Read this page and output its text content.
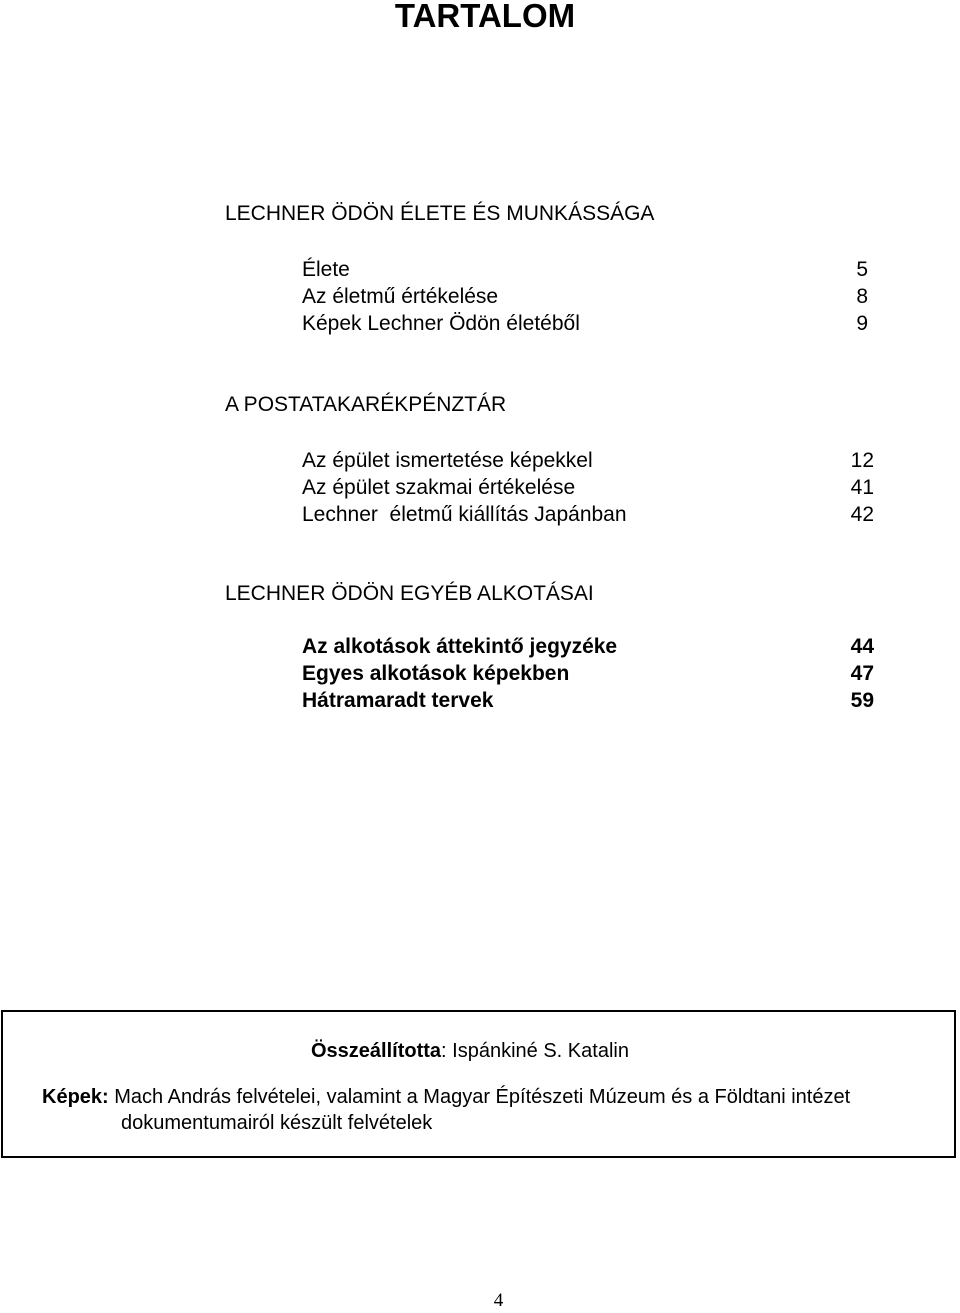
TARTALOM
LECHNER ÖDÖN ÉLETE ÉS MUNKÁSSÁGA
Élete	5
Az életmű értékelése	8
Képek Lechner Ödön életéből	9
A POSTATAKARÉKPÉNZTÁR
Az épület ismertetése képekkel	12
Az épület szakmai értékelése	41
Lechner  életmű kiállítás Japánban	42
LECHNER ÖDÖN EGYÉB ALKOTÁSAI
Az alkotások áttekintő jegyzéke	44
Egyes alkotások képekben	47
Hátramaradt tervek	59
Összeállította: Ispánkiné S. Katalin
Képek: Mach András felvételei, valamint a Magyar Építészeti Múzeum és a Földtani intézet
dokumentumairól készült felvételek
4
